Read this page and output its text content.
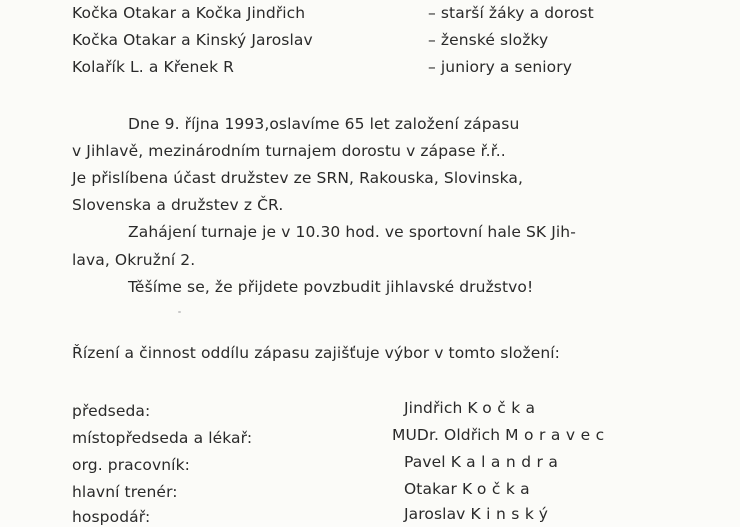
Kočka Otakar a Kočka Jindřich	– starší žáky a dorost
Kočka Otakar a Kinský Jaroslav	– ženské složky
Kolařík L. a Křenek R	– juniory a seniory
Dne 9. října 1993,oslavíme 65 let založení zápasu
v Jihlavě, mezinárodním turnajem dorostu v zápase ř.ř..
Je přislíbena účast družstev ze SRN, Rakouska, Slovinska,
Slovenska a družstev z ČR.
Zahájení turnaje je v 10.30 hod. ve sportovní hale SK Jih-
lava, Okružní 2.
Těšíme se, že přijdete povzbudit jihlavské družstvo!
Řízení a činnost oddílu zápasu zajišťuje výbor v tomto složení:
předseda:	Jindřich Kočka
místopředseda a lékař:	MUDr. Oldřich Moravec
org. pracovník:	Pavel Kalandra
hlavní trenér:	Otakar Kočka
hospodář:	Jaroslav Kinský
